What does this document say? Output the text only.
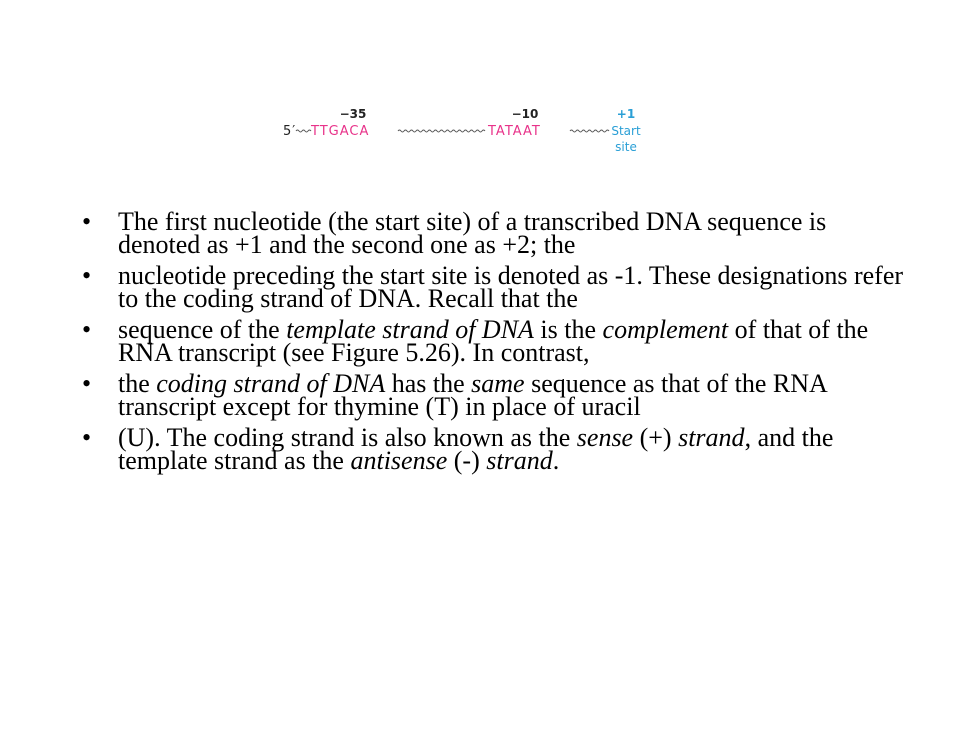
−35	−10	+1
5′ TTGACA	TATAAT	Start
site
• The first nucleotide (the start site) of a transcribed DNA sequence is denoted as +1 and the second one as +2; the
• nucleotide preceding the start site is denoted as -1. These designations refer to the coding strand of DNA. Recall that the
• sequence of the template strand of DNA is the complement of that of the RNA transcript (see Figure 5.26). In contrast,
• the coding strand of DNA has the same sequence as that of the RNA transcript except for thymine (T) in place of uracil
• (U). The coding strand is also known as the sense (+) strand, and the template strand as the antisense (-) strand.
